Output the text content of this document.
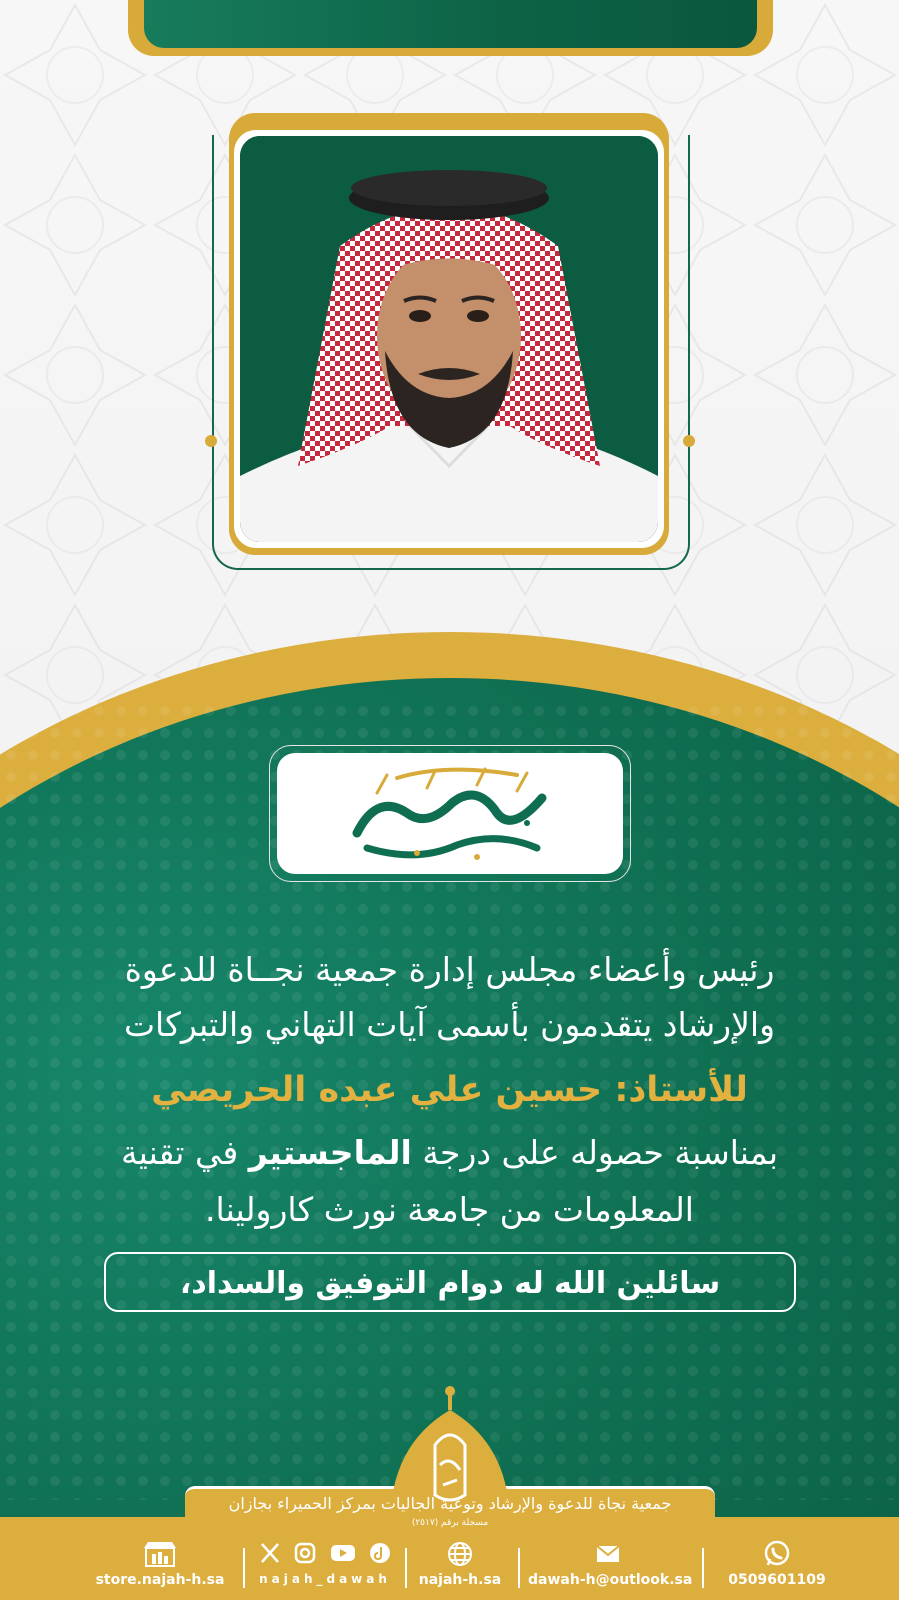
رئيس وأعضاء مجلس إدارة جمعية نجــاة للدعوة
والإرشاد يتقدمون بأسمى آيات التهاني والتبركات
للأستاذ: حسين علي عبده الحريصي
بمناسبة حصوله على درجة الماجستير في تقنية
المعلومات من جامعة نورث كارولينا.
سائلين الله له دوام التوفيق والسداد،
جمعية نجاة للدعوة والإرشاد وتوعية الجاليات بمركز الحميراء بجازان
مسجلة برقم (٢٥١٧)
store.najah-h.sa	najah_dawah	najah-h.sa	dawah-h@outlook.sa	0509601109
